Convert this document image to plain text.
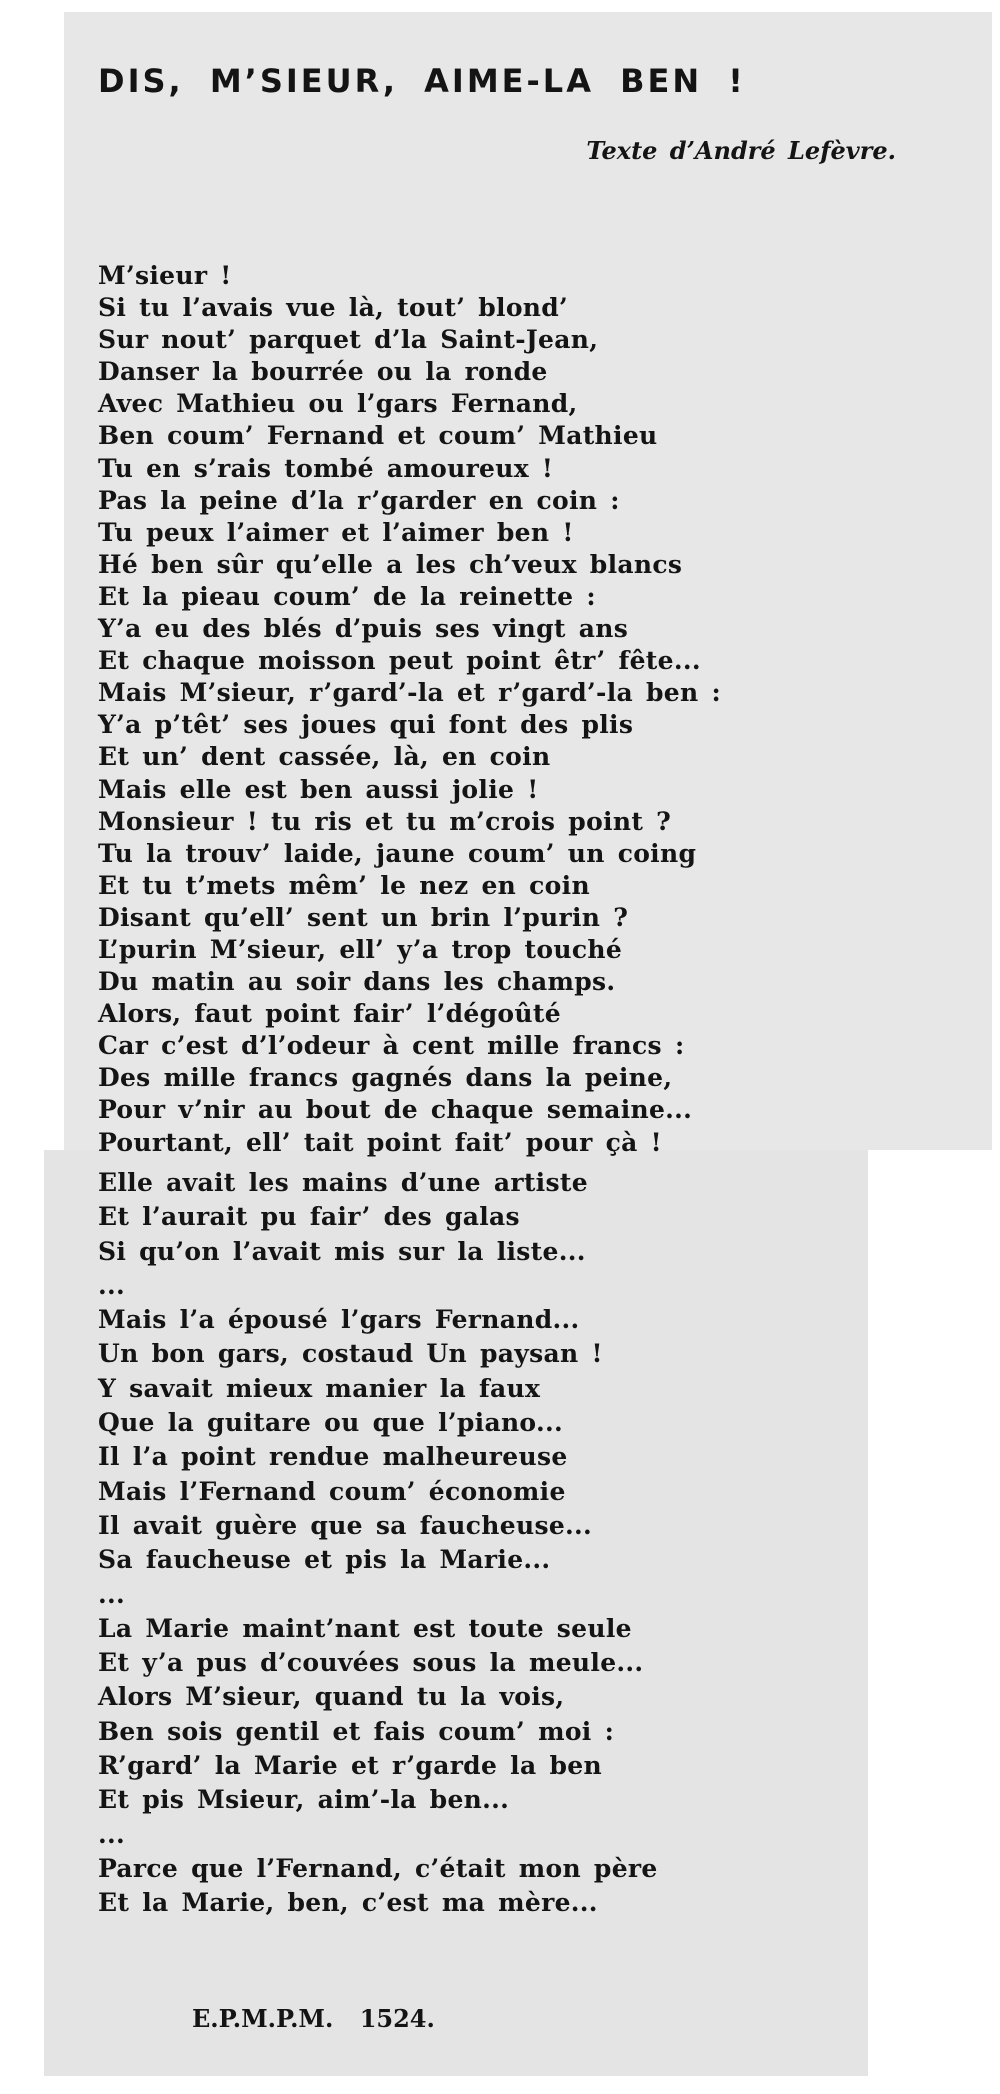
DIS, M’SIEUR, AIME-LA BEN !
Texte d’André Lefèvre.
M’sieur !
Si tu l’avais vue là, tout’ blond’
Sur nout’ parquet d’la Saint-Jean,
Danser la bourrée ou la ronde
Avec Mathieu ou l’gars Fernand,
Ben coum’ Fernand et coum’ Mathieu
Tu en s’rais tombé amoureux !
Pas la peine d’la r’garder en coin :
Tu peux l’aimer et l’aimer ben !
Hé ben sûr qu’elle a les ch’veux blancs
Et la pieau coum’ de la reinette :
Y’a eu des blés d’puis ses vingt ans
Et chaque moisson peut point êtr’ fête...
Mais M’sieur, r’gard’-la et r’gard’-la ben :
Y’a p’têt’ ses joues qui font des plis
Et un’ dent cassée, là, en coin
Mais elle est ben aussi jolie !
Monsieur ! tu ris et tu m’crois point ?
Tu la trouv’ laide, jaune coum’ un coing
Et tu t’mets mêm’ le nez en coin
Disant qu’ell’ sent un brin l’purin ?
L’purin M’sieur, ell’ y’a trop touché
Du matin au soir dans les champs.
Alors, faut point fair’ l’dégoûté
Car c’est d’l’odeur à cent mille francs :
Des mille francs gagnés dans la peine,
Pour v’nir au bout de chaque semaine...
Pourtant, ell’ tait point fait’ pour çà !
Elle avait les mains d’une artiste
Et l’aurait pu fair’ des galas
Si qu’on l’avait mis sur la liste...
...
Mais l’a épousé l’gars Fernand...
Un bon gars, costaud Un paysan !
Y savait mieux manier la faux
Que la guitare ou que l’piano...
Il l’a point rendue malheureuse
Mais l’Fernand coum’ économie
Il avait guère que sa faucheuse...
Sa faucheuse et pis la Marie...
...
La Marie maint’nant est toute seule
Et y’a pus d’couvées sous la meule...
Alors M’sieur, quand tu la vois,
Ben sois gentil et fais coum’ moi :
R’gard’ la Marie et r’garde la ben
Et pis Msieur, aim’-la ben...
...
Parce que l’Fernand, c’était mon père
Et la Marie, ben, c’est ma mère...
E.P.M.P.M. 1524.
